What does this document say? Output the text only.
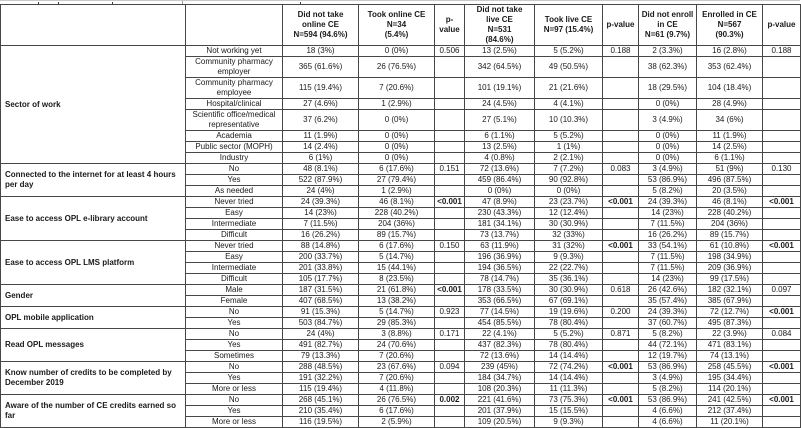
		Did not take
online CE
N=594 (94.6%)	Took online CE
N=34
(5.4%)	p-value	Did not take
live CE
N=531
(84.6%)	Took live CE
N=97 (15.4%)	p-value	Did not enroll
in CE
N=61 (9.7%)	Enrolled in CE
N=567
(90.3%)	p-value
Sector of work	Not working yet	18 (3%)	0 (0%)	0.506	13 (2.5%)	5 (5.2%)	0.188	2 (3.3%)	16 (2.8%)	0.188
	Community pharmacy employer	365 (61.6%)	26 (76.5%)		342 (64.5%)	49 (50.5%)		38 (62.3%)	353 (62.4%)	
	Community pharmacy employee	115 (19.4%)	7 (20.6%)		101 (19.1%)	21 (21.6%)		18 (29.5%)	104 (18.4%)	
	Hospital/clinical	27 (4.6%)	1 (2.9%)		24 (4.5%)	4 (4.1%)		0 (0%)	28 (4.9%)	
	Scientific office/medical representative	37 (6.2%)	0 (0%)		27 (5.1%)	10 (10.3%)		3 (4.9%)	34 (6%)	
	Academia	11 (1.9%)	0 (0%)		6 (1.1%)	5 (5.2%)		0 (0%)	11 (1.9%)	
	Public sector (MOPH)	14 (2.4%)	0 (0%)		13 (2.5%)	1 (1%)		0 (0%)	14 (2.5%)	
	Industry	6 (1%)	0 (0%)		4 (0.8%)	2 (2.1%)		0 (0%)	6 (1.1%)	
Connected to the internet for at least 4 hours per day	No	48 (8.1%)	6 (17.6%)	0.151	72 (13.6%)	7 (7.2%)	0.083	3 (4.9%)	51 (9%)	0.130
	Yes	522 (87.9%)	27 (79.4%)		459 (86.4%)	90 (92.8%)		53 (86.9%)	496 (87.5%)	
	As needed	24 (4%)	1 (2.9%)		0 (0%)	0 (0%)		5 (8.2%)	20 (3.5%)	
Ease to access OPL e-library account	Never tried	24 (39.3%)	46 (8.1%)	<0.001	47 (8.9%)	23 (23.7%)	<0.001	24 (39.3%)	46 (8.1%)	<0.001
	Easy	14 (23%)	228 (40.2%)		230 (43.3%)	12 (12.4%)		14 (23%)	228 (40.2%)	
	Intermediate	7 (11.5%)	204 (36%)		181 (34.1%)	30 (30.9%)		7 (11.5%)	204 (36%)	
	Difficult	16 (26.2%)	89 (15.7%)		73 (13.7%)	32 (33%)		16 (26.2%)	89 (15.7%)	
Ease to access OPL LMS platform	Never tried	88 (14.8%)	6 (17.6%)	0.150	63 (11.9%)	31 (32%)	<0.001	33 (54.1%)	61 (10.8%)	<0.001
	Easy	200 (33.7%)	5 (14.7%)		196 (36.9%)	9 (9.3%)		7 (11.5%)	198 (34.9%)	
	Intermediate	201 (33.8%)	15 (44.1%)		194 (36.5%)	22 (22.7%)		7 (11.5%)	209 (36.9%)	
	Difficult	105 (17.7%)	8 (23.5%)		78 (14.7%)	35 (36.1%)		14 (23%)	99 (17.5%)	
Gender	Male	187 (31.5%)	21 (61.8%)	<0.001	178 (33.5%)	30 (30.9%)	0.618	26 (42.6%)	182 (32.1%)	0.097
	Female	407 (68.5%)	13 (38.2%)		353 (66.5%)	67 (69.1%)		35 (57.4%)	385 (67.9%)	
OPL mobile application	No	91 (15.3%)	5 (14.7%)	0.923	77 (14.5%)	19 (19.6%)	0.200	24 (39.3%)	72 (12.7%)	<0.001
	Yes	503 (84.7%)	29 (85.3%)		454 (85.5%)	78 (80.4%)		37 (60.7%)	495 (87.3%)	
Read OPL messages	No	24 (4%)	3 (8.8%)	0.171	22 (4.1%)	5 (5.2%)	0.871	5 (8.2%)	22 (3.9%)	0.084
	Yes	491 (82.7%)	24 (70.6%)		437 (82.3%)	78 (80.4%)		44 (72.1%)	471 (83.1%)	
	Sometimes	79 (13.3%)	7 (20.6%)		72 (13.6%)	14 (14.4%)		12 (19.7%)	74 (13.1%)	
Know number of credits to be completed by December 2019	No	288 (48.5%)	23 (67.6%)	0.094	239 (45%)	72 (74.2%)	<0.001	53 (86.9%)	258 (45.5%)	<0.001
	Yes	191 (32.2%)	7 (20.6%)		184 (34.7%)	14 (14.4%)		3 (4.9%)	195 (34.4%)	
	More or less	115 (19.4%)	4 (11.8%)		108 (20.3%)	11 (11.3%)		5 (8.2%)	114 (20.1%)	
Aware of the number of CE credits earned so far	No	268 (45.1%)	26 (76.5%)	0.002	221 (41.6%)	73 (75.3%)	<0.001	53 (86.9%)	241 (42.5%)	<0.001
	Yes	210 (35.4%)	6 (17.6%)		201 (37.9%)	15 (15.5%)		4 (6.6%)	212 (37.4%)	
	More or less	116 (19.5%)	2 (5.9%)		109 (20.5%)	9 (9.3%)		4 (6.6%)	11 (20.1%)	
